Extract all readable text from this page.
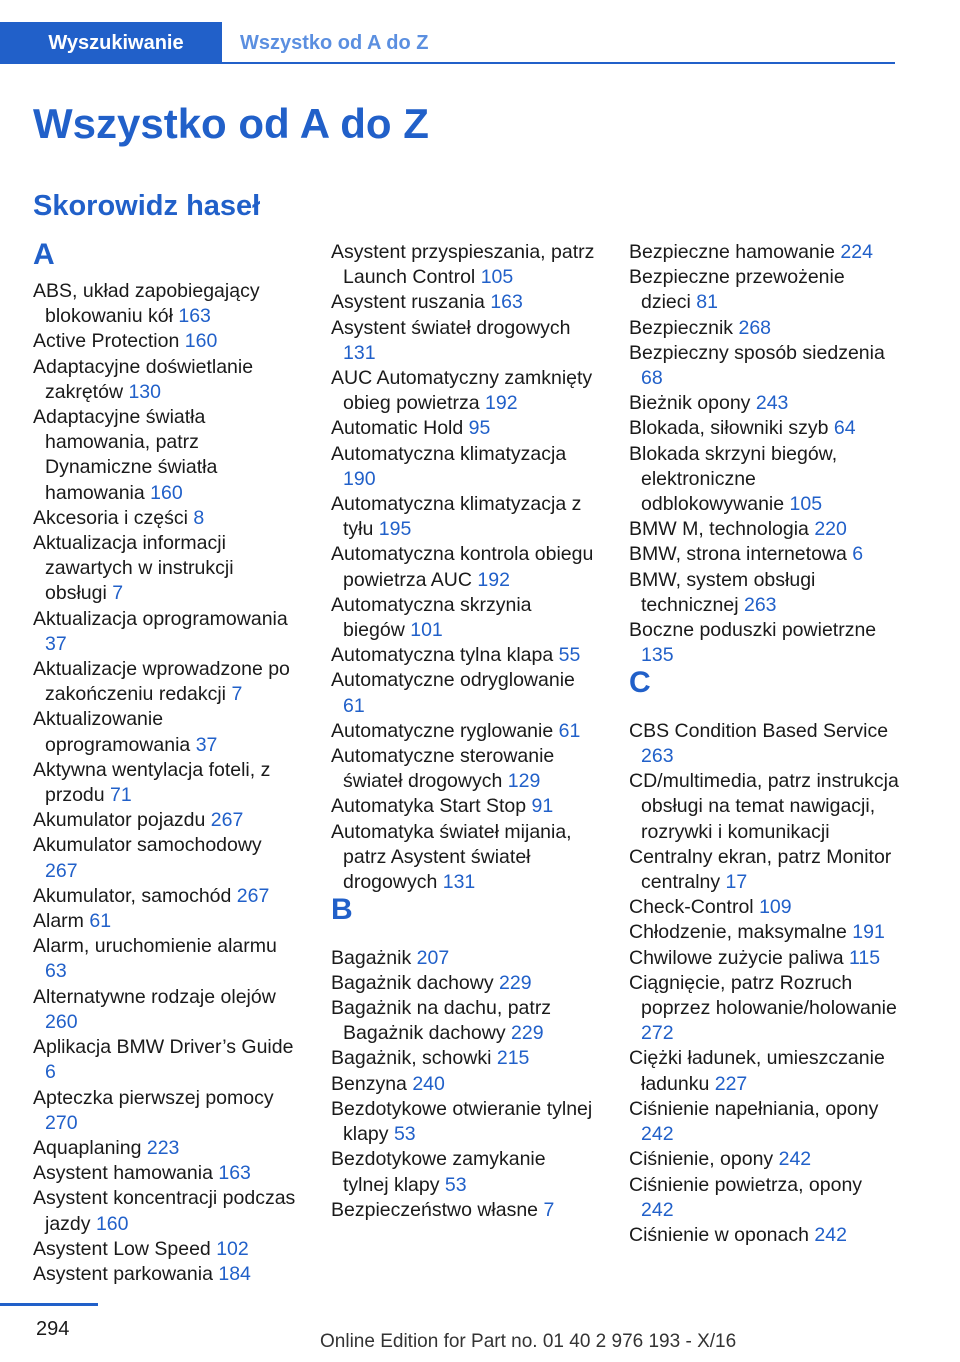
Wyszukiwanie	Wszystko od A do Z
Wszystko od A do Z
Skorowidz haseł
A
ABS, układ zapobiegający blokowaniu kół 163
Active Protection 160
Adaptacyjne doświetlanie zakrętów 130
Adaptacyjne światła hamowania, patrz Dynamiczne światła hamowania 160
Akcesoria i części 8
Aktualizacja informacji zawartych w instrukcji obsługi 7
Aktualizacja oprogramowania 37
Aktualizacje wprowadzone po zakończeniu redakcji 7
Aktualizowanie oprogramowania 37
Aktywna wentylacja foteli, z przodu 71
Akumulator pojazdu 267
Akumulator samochodowy 267
Akumulator, samochód 267
Alarm 61
Alarm, uruchomienie alarmu 63
Alternatywne rodzaje olejów 260
Aplikacja BMW Driver’s Guide 6
Apteczka pierwszej pomocy 270
Aquaplaning 223
Asystent hamowania 163
Asystent koncentracji podczas jazdy 160
Asystent Low Speed 102
Asystent parkowania 184
Asystent przyspieszania, patrz Launch Control 105
Asystent ruszania 163
Asystent świateł drogowych 131
AUC Automatyczny zamknięty obieg powietrza 192
Automatic Hold 95
Automatyczna klimatyzacja 190
Automatyczna klimatyzacja z tyłu 195
Automatyczna kontrola obiegu powietrza AUC 192
Automatyczna skrzynia biegów 101
Automatyczna tylna klapa 55
Automatyczne odryglowanie 61
Automatyczne ryglowanie 61
Automatyczne sterowanie świateł drogowych 129
Automatyka Start Stop 91
Automatyka świateł mijania, patrz Asystent świateł drogowych 131
B
Bagażnik 207
Bagażnik dachowy 229
Bagażnik na dachu, patrz Bagażnik dachowy 229
Bagażnik, schowki 215
Benzyna 240
Bezdotykowe otwieranie tylnej klapy 53
Bezdotykowe zamykanie tylnej klapy 53
Bezpieczeństwo własne 7
Bezpieczne hamowanie 224
Bezpieczne przewożenie dzieci 81
Bezpiecznik 268
Bezpieczny sposób siedzenia 68
Bieżnik opony 243
Blokada, siłowniki szyb 64
Blokada skrzyni biegów, elektroniczne odblokowywanie 105
BMW M, technologia 220
BMW, strona internetowa 6
BMW, system obsługi technicznej 263
Boczne poduszki powietrzne 135
C
CBS Condition Based Service 263
CD/multimedia, patrz instrukcja obsługi na temat nawigacji, rozrywki i komunikacji
Centralny ekran, patrz Monitor centralny 17
Check-Control 109
Chłodzenie, maksymalne 191
Chwilowe zużycie paliwa 115
Ciągnięcie, patrz Rozruch poprzez holowanie/holowanie 272
Ciężki ładunek, umieszczanie ładunku 227
Ciśnienie napełniania, opony 242
Ciśnienie, opony 242
Ciśnienie powietrza, opony 242
Ciśnienie w oponach 242
294
Online Edition for Part no. 01 40 2 976 193 - X/16
